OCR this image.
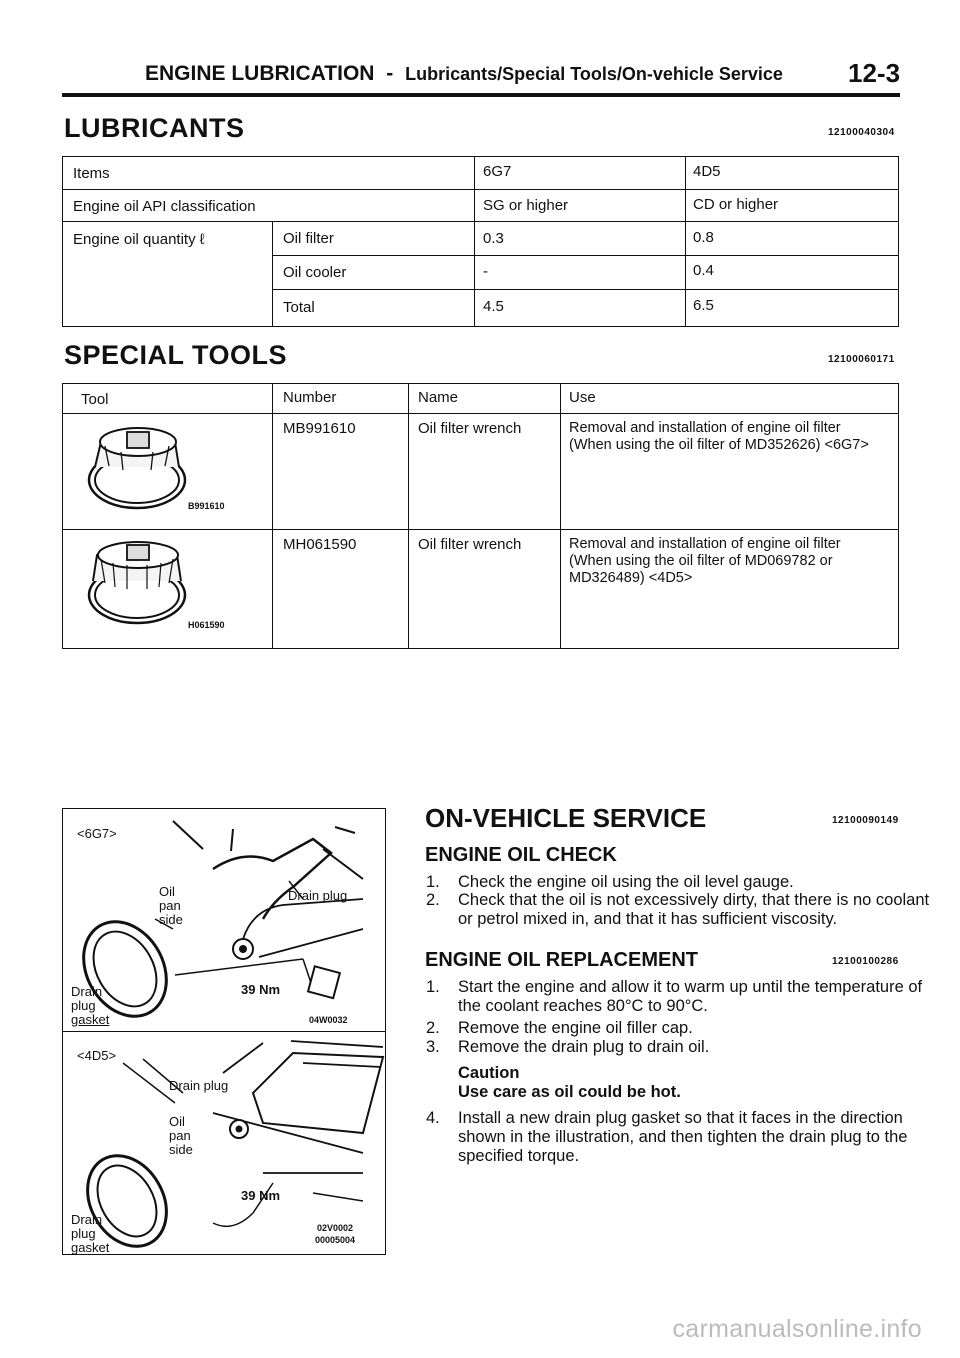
ENGINE LUBRICATION - Lubricants/Special Tools/On-vehicle Service	12-3
LUBRICANTS	12100040304
Items	6G7	4D5
Engine oil API classification	SG or higher	CD or higher
Engine oil quantity ℓ	Oil filter	0.3	0.8
Oil cooler	-	0.4
Total	4.5	6.5
SPECIAL TOOLS	12100060171
Tool	Number	Name	Use
B991610
MB991610	Oil filter wrench	Removal and installation of engine oil filter
(When using the oil filter of MD352626) <6G7>
H061590
MH061590	Oil filter wrench	Removal and installation of engine oil filter
(When using the oil filter of MD069782 or
MD326489) <4D5>
<6G7>
Oil
pan
side
Drain plug
Drain
plug
gasket
39 Nm
04W0032
<4D5>
Drain plug
Oil
pan
side
Drain
plug
gasket
39 Nm
02V0002
00005004
ON-VEHICLE SERVICE	12100090149
ENGINE OIL CHECK
1. Check the engine oil using the oil level gauge.
2. Check that the oil is not excessively dirty, that there is no coolant or petrol mixed in, and that it has sufficient viscosity.
ENGINE OIL REPLACEMENT	12100100286
1. Start the engine and allow it to warm up until the temperature of the coolant reaches 80°C to 90°C.
2. Remove the engine oil filler cap.
3. Remove the drain plug to drain oil.
Caution
Use care as oil could be hot.
4. Install a new drain plug gasket so that it faces in the direction shown in the illustration, and then tighten the drain plug to the specified torque.
carmanualsonline.info
